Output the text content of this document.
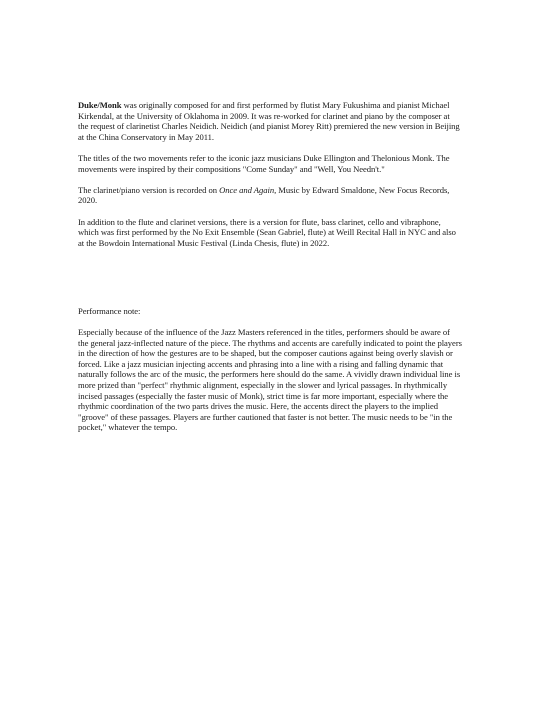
Duke/Monk was originally composed for and first performed by flutist Mary Fukushima and pianist Michael Kirkendal, at the University of Oklahoma in 2009. It was re-worked for clarinet and piano by the composer at the request of clarinetist Charles Neidich. Neidich (and pianist Morey Ritt) premiered the new version in Beijing at the China Conservatory in May 2011.

The titles of the two movements refer to the iconic jazz musicians Duke Ellington and Thelonious Monk. The movements were inspired by their compositions "Come Sunday" and "Well, You Needn't."

The clarinet/piano version is recorded on Once and Again, Music by Edward Smaldone, New Focus Records, 2020.

In addition to the flute and clarinet versions, there is a version for flute, bass clarinet, cello and vibraphone, which was first performed by the No Exit Ensemble (Sean Gabriel, flute) at Weill Recital Hall in NYC and also at the Bowdoin International Music Festival (Linda Chesis, flute) in 2022.

Performance note:

Especially because of the influence of the Jazz Masters referenced in the titles, performers should be aware of the general jazz-inflected nature of the piece. The rhythms and accents are carefully indicated to point the players in the direction of how the gestures are to be shaped, but the composer cautions against being overly slavish or forced. Like a jazz musician injecting accents and phrasing into a line with a rising and falling dynamic that naturally follows the arc of the music, the performers here should do the same. A vividly drawn individual line is more prized than "perfect" rhythmic alignment, especially in the slower and lyrical passages. In rhythmically incised passages (especially the faster music of Monk), strict time is far more important, especially where the rhythmic coordination of the two parts drives the music. Here, the accents direct the players to the implied "groove" of these passages. Players are further cautioned that faster is not better. The music needs to be "in the pocket," whatever the tempo.
